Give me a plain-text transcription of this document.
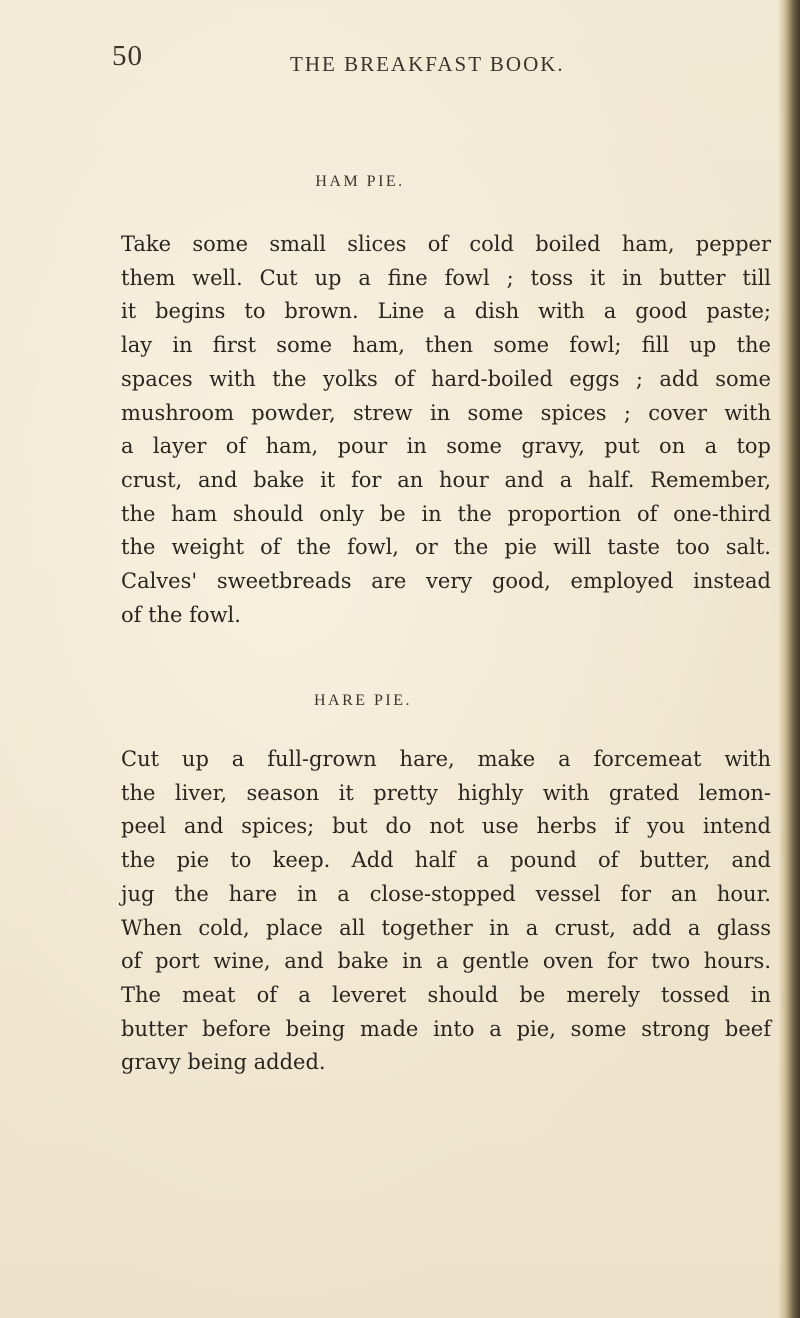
50	THE BREAKFAST BOOK.
HAM PIE.
Take some small slices of cold boiled ham, pepper
them well. Cut up a fine fowl ; toss it in butter till
it begins to brown. Line a dish with a good paste;
lay in first some ham, then some fowl; fill up the
spaces with the yolks of hard-boiled eggs ; add some
mushroom powder, strew in some spices ; cover with
a layer of ham, pour in some gravy, put on a top
crust, and bake it for an hour and a half. Remember,
the ham should only be in the proportion of one-third
the weight of the fowl, or the pie will taste too salt.
Calves' sweetbreads are very good, employed instead
of the fowl.
HARE PIE.
Cut up a full-grown hare, make a forcemeat with
the liver, season it pretty highly with grated lemon-
peel and spices; but do not use herbs if you intend
the pie to keep. Add half a pound of butter, and
jug the hare in a close-stopped vessel for an hour.
When cold, place all together in a crust, add a glass
of port wine, and bake in a gentle oven for two hours.
The meat of a leveret should be merely tossed in
butter before being made into a pie, some strong beef
gravy being added.
